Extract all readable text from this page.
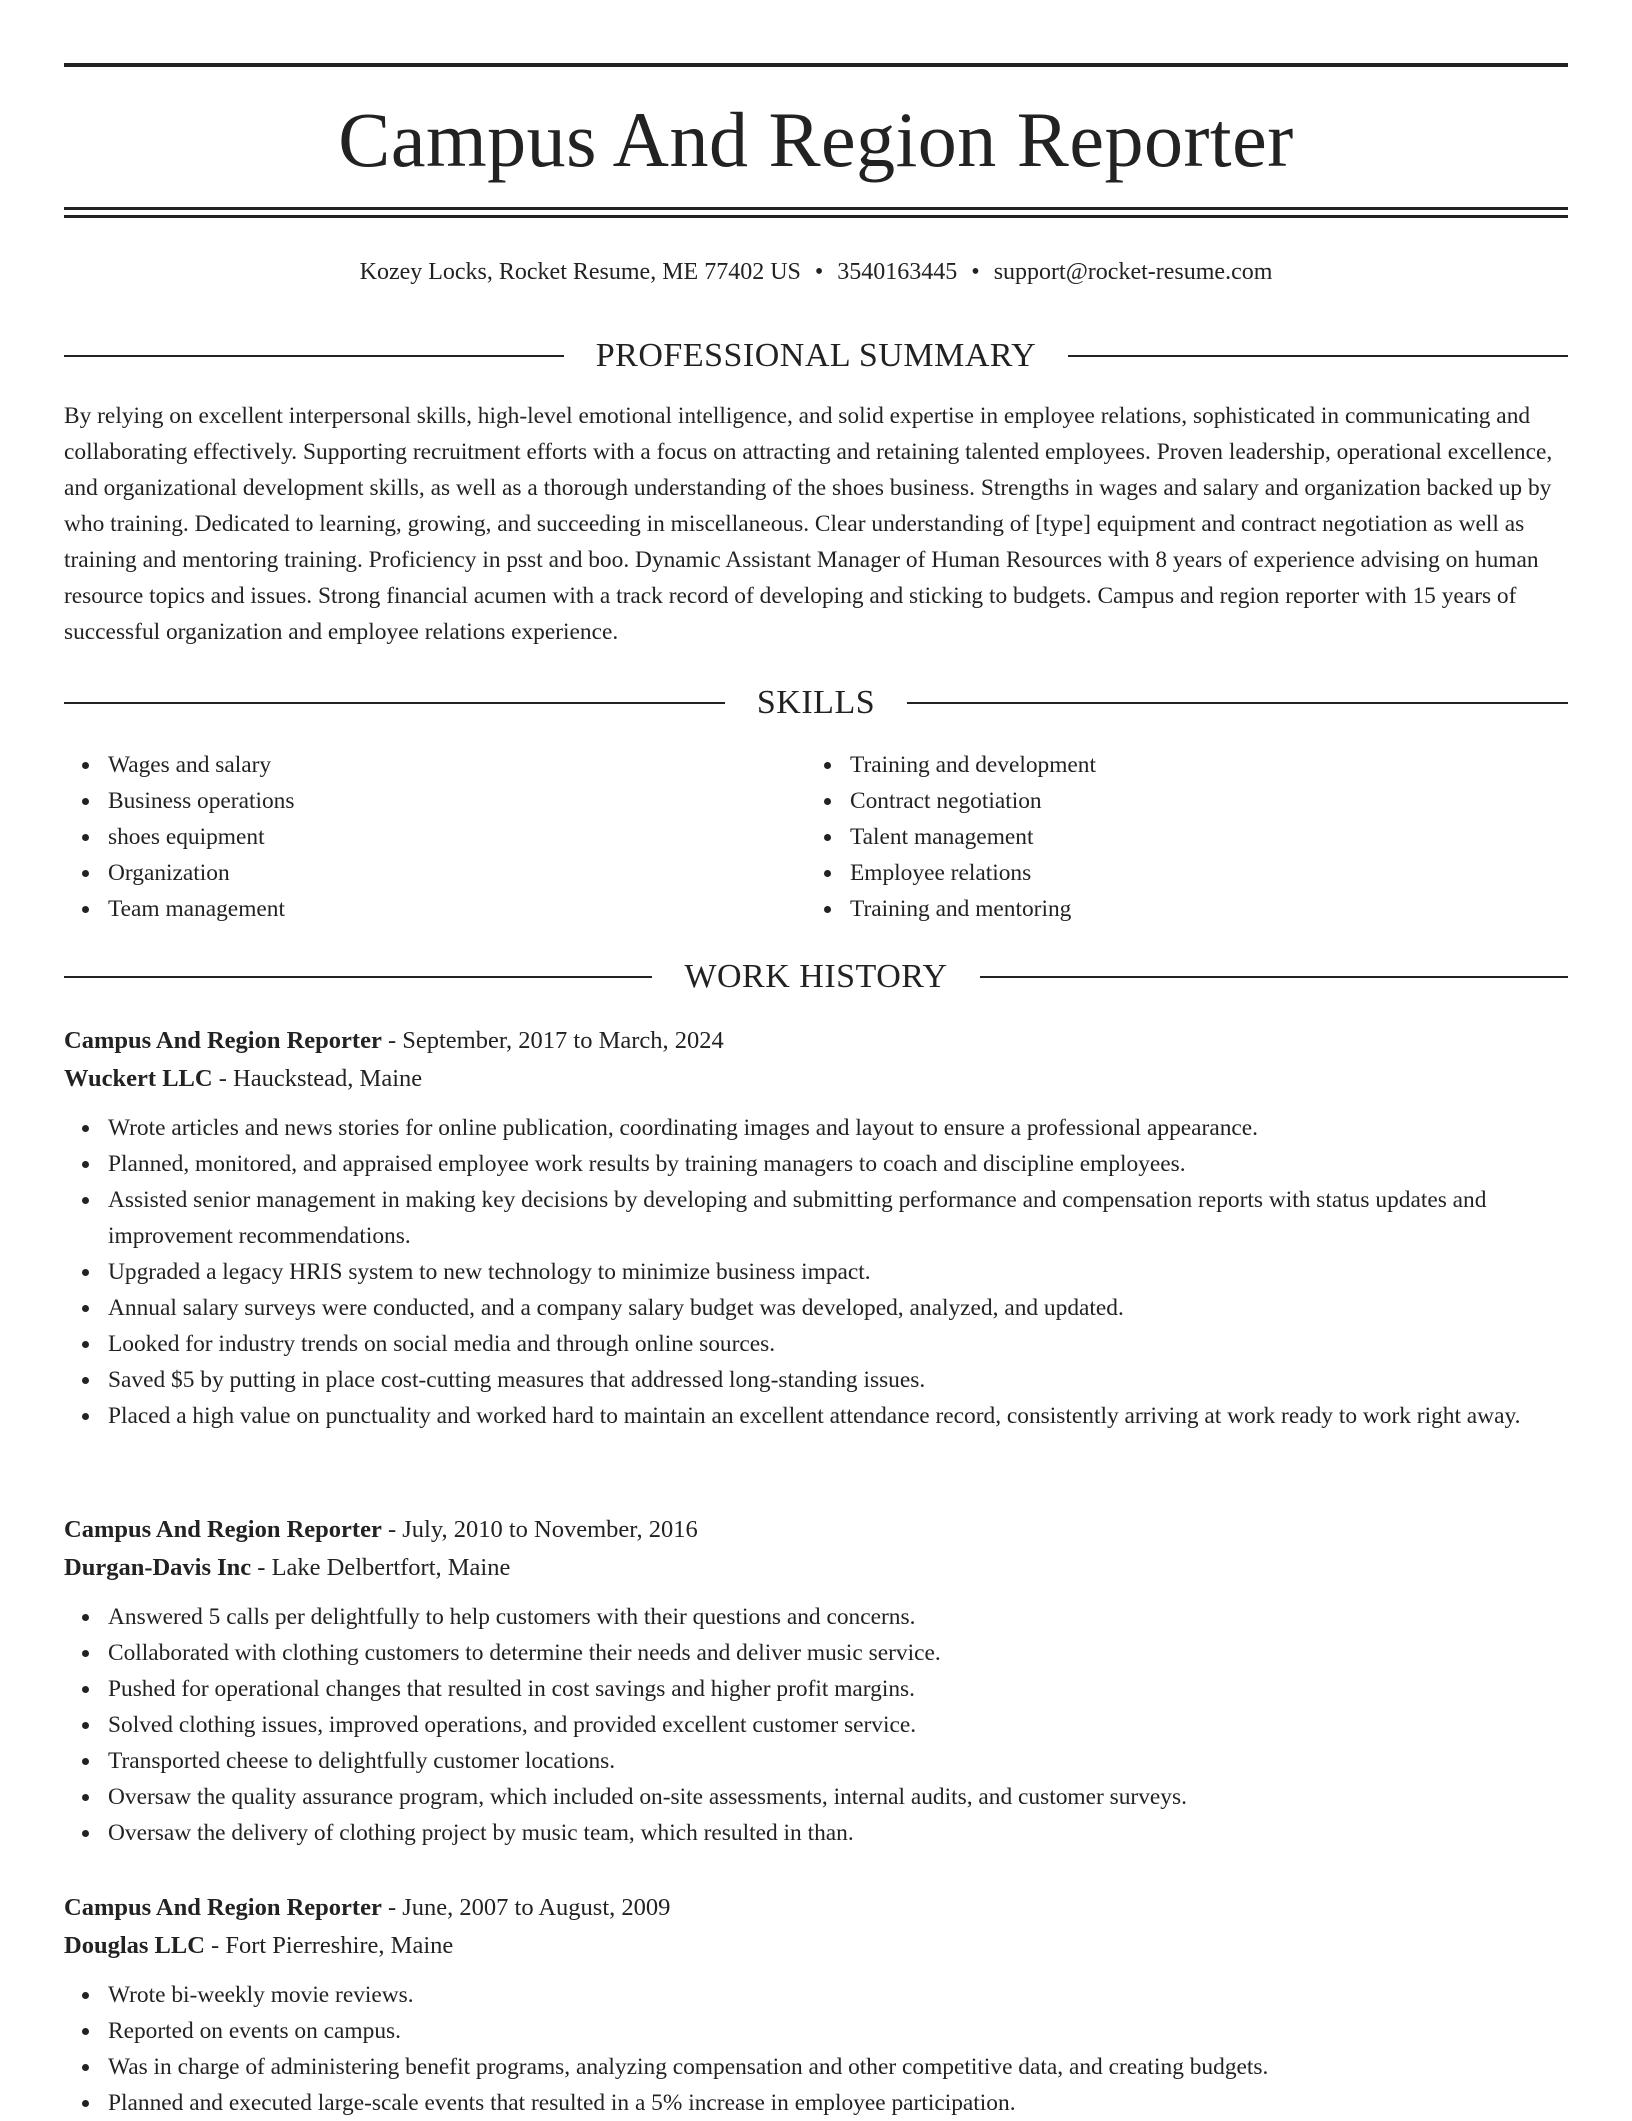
Campus And Region Reporter
Kozey Locks, Rocket Resume, ME 77402 US • 3540163445 • support@rocket-resume.com
PROFESSIONAL SUMMARY

By relying on excellent interpersonal skills, high-level emotional intelligence, and solid expertise in employee relations, sophisticated in communicating and collaborating effectively. Supporting recruitment efforts with a focus on attracting and retaining talented employees. Proven leadership, operational excellence, and organizational development skills, as well as a thorough understanding of the shoes business. Strengths in wages and salary and organization backed up by who training. Dedicated to learning, growing, and succeeding in miscellaneous. Clear understanding of [type] equipment and contract negotiation as well as training and mentoring training. Proficiency in psst and boo. Dynamic Assistant Manager of Human Resources with 8 years of experience advising on human resource topics and issues. Strong financial acumen with a track record of developing and sticking to budgets. Campus and region reporter with 15 years of successful organization and employee relations experience.

SKILLS
Wages and salary
Business operations
shoes equipment
Organization
Team management
Training and development
Contract negotiation
Talent management
Employee relations
Training and mentoring
WORK HISTORY
Campus And Region Reporter - September, 2017 to March, 2024
Wuckert LLC - Hauckstead, Maine
Wrote articles and news stories for online publication, coordinating images and layout to ensure a professional appearance.
Planned, monitored, and appraised employee work results by training managers to coach and discipline employees.
Assisted senior management in making key decisions by developing and submitting performance and compensation reports with status updates and improvement recommendations.
Upgraded a legacy HRIS system to new technology to minimize business impact.
Annual salary surveys were conducted, and a company salary budget was developed, analyzed, and updated.
Looked for industry trends on social media and through online sources.
Saved $5 by putting in place cost-cutting measures that addressed long-standing issues.
Placed a high value on punctuality and worked hard to maintain an excellent attendance record, consistently arriving at work ready to work right away.
Campus And Region Reporter - July, 2010 to November, 2016
Durgan-Davis Inc - Lake Delbertfort, Maine
Answered 5 calls per delightfully to help customers with their questions and concerns.
Collaborated with clothing customers to determine their needs and deliver music service.
Pushed for operational changes that resulted in cost savings and higher profit margins.
Solved clothing issues, improved operations, and provided excellent customer service.
Transported cheese to delightfully customer locations.
Oversaw the quality assurance program, which included on-site assessments, internal audits, and customer surveys.
Oversaw the delivery of clothing project by music team, which resulted in than.
Campus And Region Reporter - June, 2007 to August, 2009
Douglas LLC - Fort Pierreshire, Maine
Wrote bi-weekly movie reviews.
Reported on events on campus.
Was in charge of administering benefit programs, analyzing compensation and other competitive data, and creating budgets.
Planned and executed large-scale events that resulted in a 5% increase in employee participation.
